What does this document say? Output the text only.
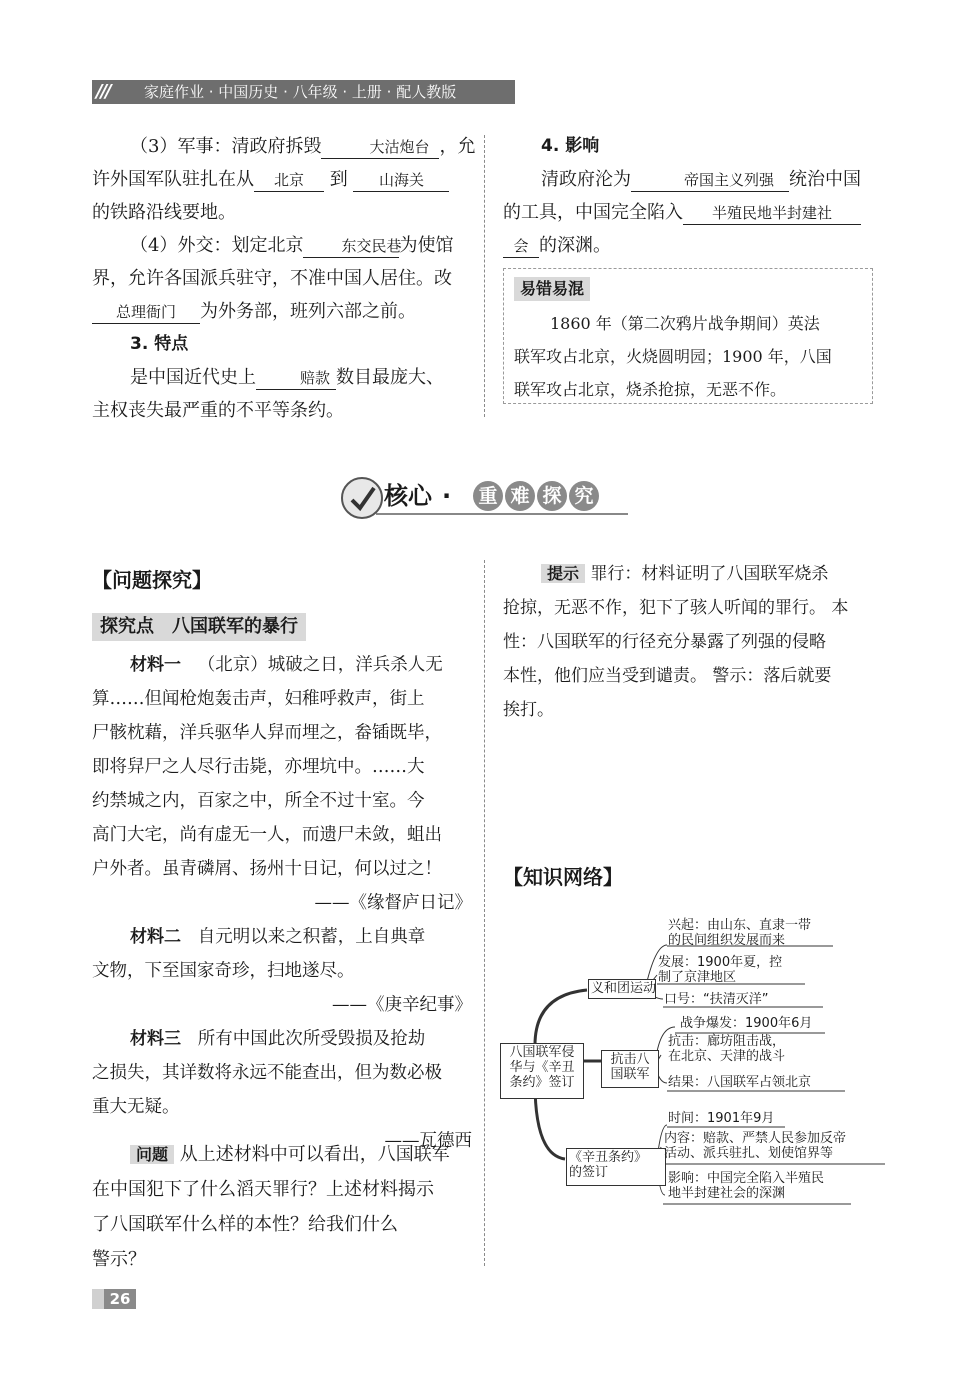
/// 家庭作业 · 中国历史 · 八年级 · 上册 · 配人教版
（3）军事：清政府拆毁	大沽炮台 ，允
许外国军队驻扎在从 北京 到 山海关
的铁路沿线要地。
（4）外交：划定北京	东交民巷为使馆
界，允许各国派兵驻守，不准中国人居住。改
总理衙门 为外务部，班列六部之前。
3. 特点
是中国近代史上	赔款 数目最庞大、
主权丧失最严重的不平等条约。
4. 影响
清政府沦为	帝国主义列强 统治中国
的工具，中国完全陷入 半殖民地半封建社
会 的深渊。
易错易混
1860 年（第二次鸦片战争期间）英法
联军攻占北京，火烧圆明园；1900 年，八国
联军攻占北京，烧杀抢掠，无恶不作。
核心 · 重 难 探 究
【问题探究】
探究点　八国联军的暴行
材料一 （北京）城破之日，洋兵杀人无
算……但闻枪炮轰击声，妇稚呼救声，街上
尸骸枕藉，洋兵驱华人舁而埋之，畚锸既毕，
即将舁尸之人尽行击毙，亦埋坑中。……大
约禁城之内，百家之中，所全不过十室。今
高门大宅，尚有虚无一人，而遗尸未敛，蛆出
户外者。虽青磷屑、扬州十日记，何以过之！
——《缘督庐日记》
材料二 自元明以来之积蓄，上自典章
文物，下至国家奇珍，扫地遂尽。
——《庚辛纪事》
材料三 所有中国此次所受毁损及抢劫
之损失，其详数将永远不能查出，但为数必极
重大无疑。
——瓦德西
问题 从上述材料中可以看出，八国联军
在中国犯下了什么滔天罪行？上述材料揭示
了八国联军什么样的本性？给我们什么
警示？
提示 罪行：材料证明了八国联军烧杀
抢掠，无恶不作，犯下了骇人听闻的罪行。 本
性：八国联军的行径充分暴露了列强的侵略
本性，他们应当受到谴责。 警示：落后就要
挨打。
【知识网络】
八国联军侵
华与《辛丑
条约》签订
义和团运动
兴起：由山东、直隶一带
的民间组织发展而来
发展：1900年夏，控
制了京津地区
口号：“扶清灭洋”
抗击八
国联军
战争爆发：1900年6月
抗击：廊坊阻击战，
在北京、天津的战斗
结果：八国联军占领北京
《辛丑条约》
的签订
时间：1901年9月
内容：赔款、严禁人民参加反帝
活动、派兵驻扎、划使馆界等
影响：中国完全陷入半殖民
地半封建社会的深渊
26
